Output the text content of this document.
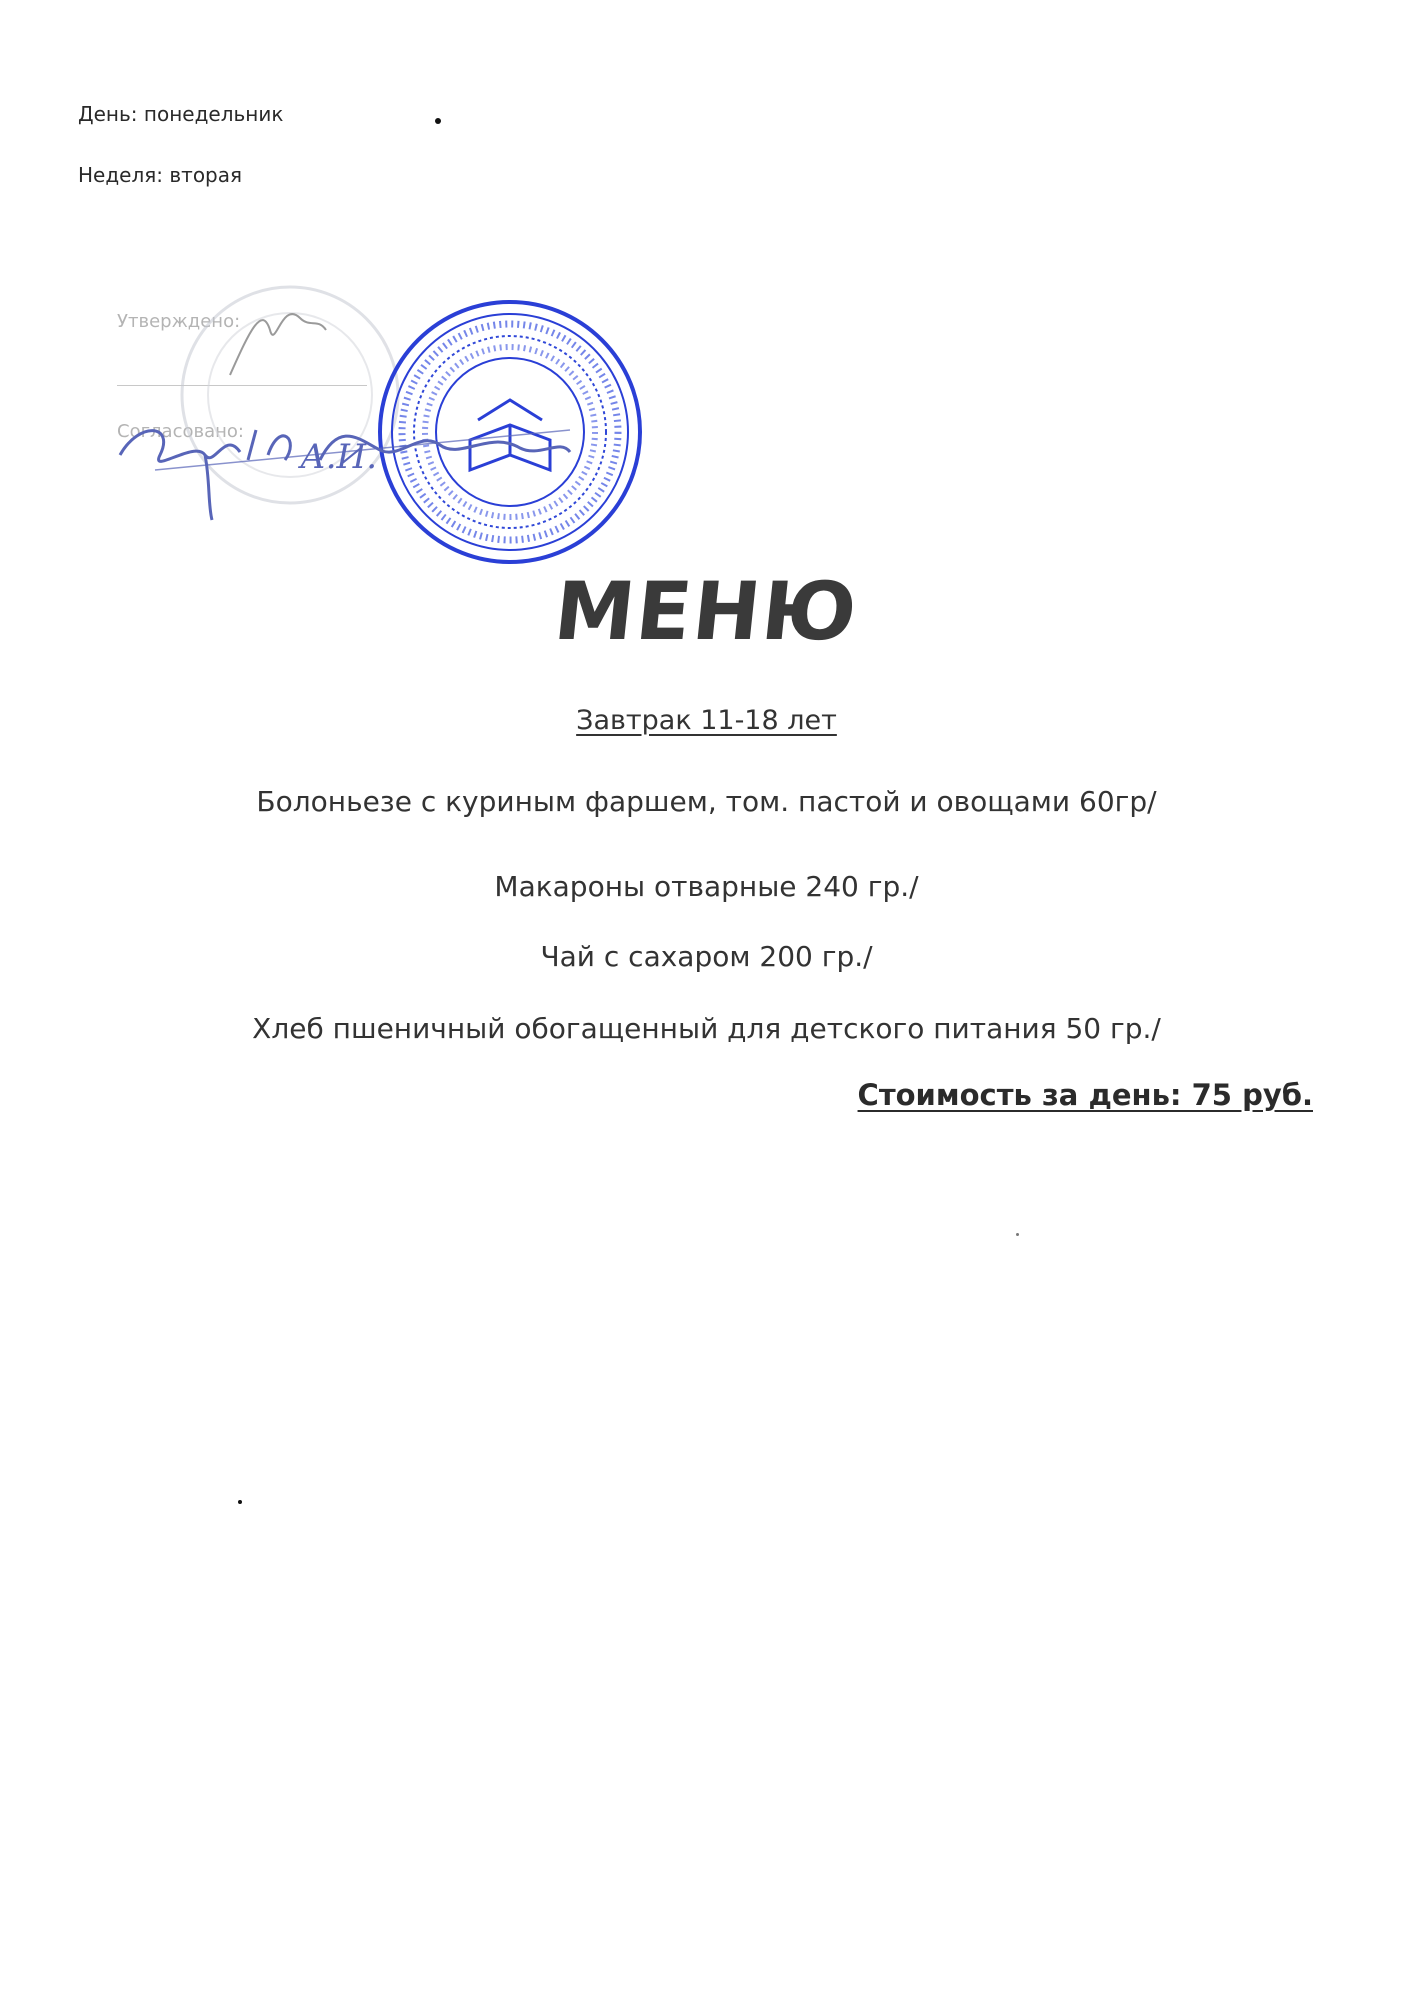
День: понедельник
Неделя: вторая
Утверждено:
Согласовано:
А.И.
МЕНЮ
Завтрак 11-18 лет
Болоньезе с куриным фаршем, том. пастой и овощами 60гр/
Макароны отварные 240 гр./
Чай с сахаром 200 гр./
Хлеб пшеничный обогащенный для детского питания 50 гр./
Стоимость за день: 75 руб.
